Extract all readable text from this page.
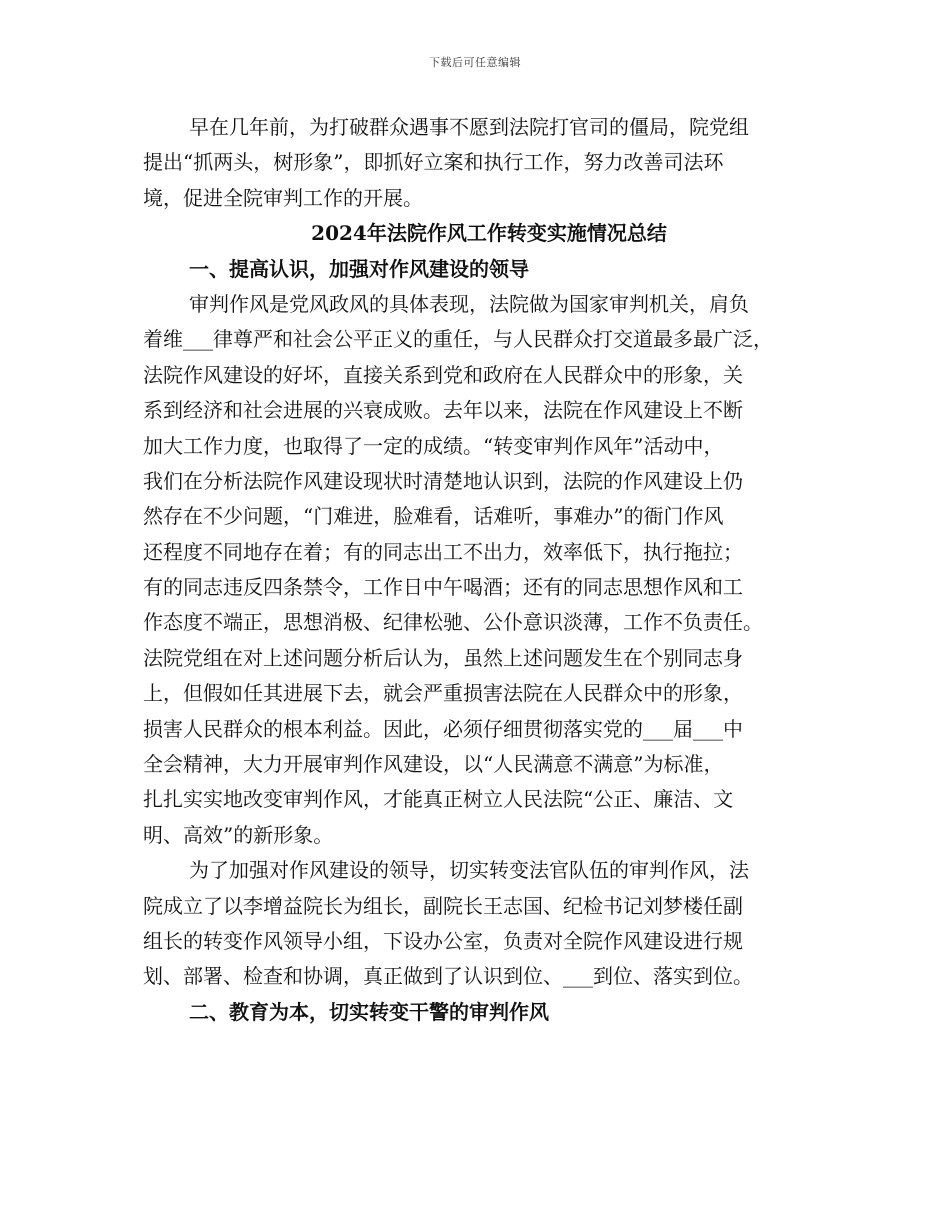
下载后可任意编辑
早在几年前，为打破群众遇事不愿到法院打官司的僵局，院党组
提出“抓两头，树形象”，即抓好立案和执行工作，努力改善司法环
境，促进全院审判工作的开展。
2024年法院作风工作转变实施情况总结
一、提高认识，加强对作风建设的领导
审判作风是党风政风的具体表现，法院做为国家审判机关，肩负
着维___律尊严和社会公平正义的重任，与人民群众打交道最多最广泛，
法院作风建设的好坏，直接关系到党和政府在人民群众中的形象，关
系到经济和社会进展的兴衰成败。去年以来，法院在作风建设上不断
加大工作力度，也取得了一定的成绩。“转变审判作风年”活动中，
我们在分析法院作风建设现状时清楚地认识到，法院的作风建设上仍
然存在不少问题，“门难进，脸难看，话难听，事难办”的衙门作风
还程度不同地存在着；有的同志出工不出力，效率低下，执行拖拉；
有的同志违反四条禁令，工作日中午喝酒；还有的同志思想作风和工
作态度不端正，思想消极、纪律松驰、公仆意识淡薄，工作不负责任。
法院党组在对上述问题分析后认为，虽然上述问题发生在个别同志身
上，但假如任其进展下去，就会严重损害法院在人民群众中的形象，
损害人民群众的根本利益。因此，必须仔细贯彻落实党的___届___中
全会精神，大力开展审判作风建设，以“人民满意不满意”为标准，
扎扎实实地改变审判作风，才能真正树立人民法院“公正、廉洁、文
明、高效”的新形象。
为了加强对作风建设的领导，切实转变法官队伍的审判作风，法
院成立了以李增益院长为组长，副院长王志国、纪检书记刘梦楼任副
组长的转变作风领导小组，下设办公室，负责对全院作风建设进行规
划、部署、检查和协调，真正做到了认识到位、___到位、落实到位。
二、教育为本，切实转变干警的审判作风
